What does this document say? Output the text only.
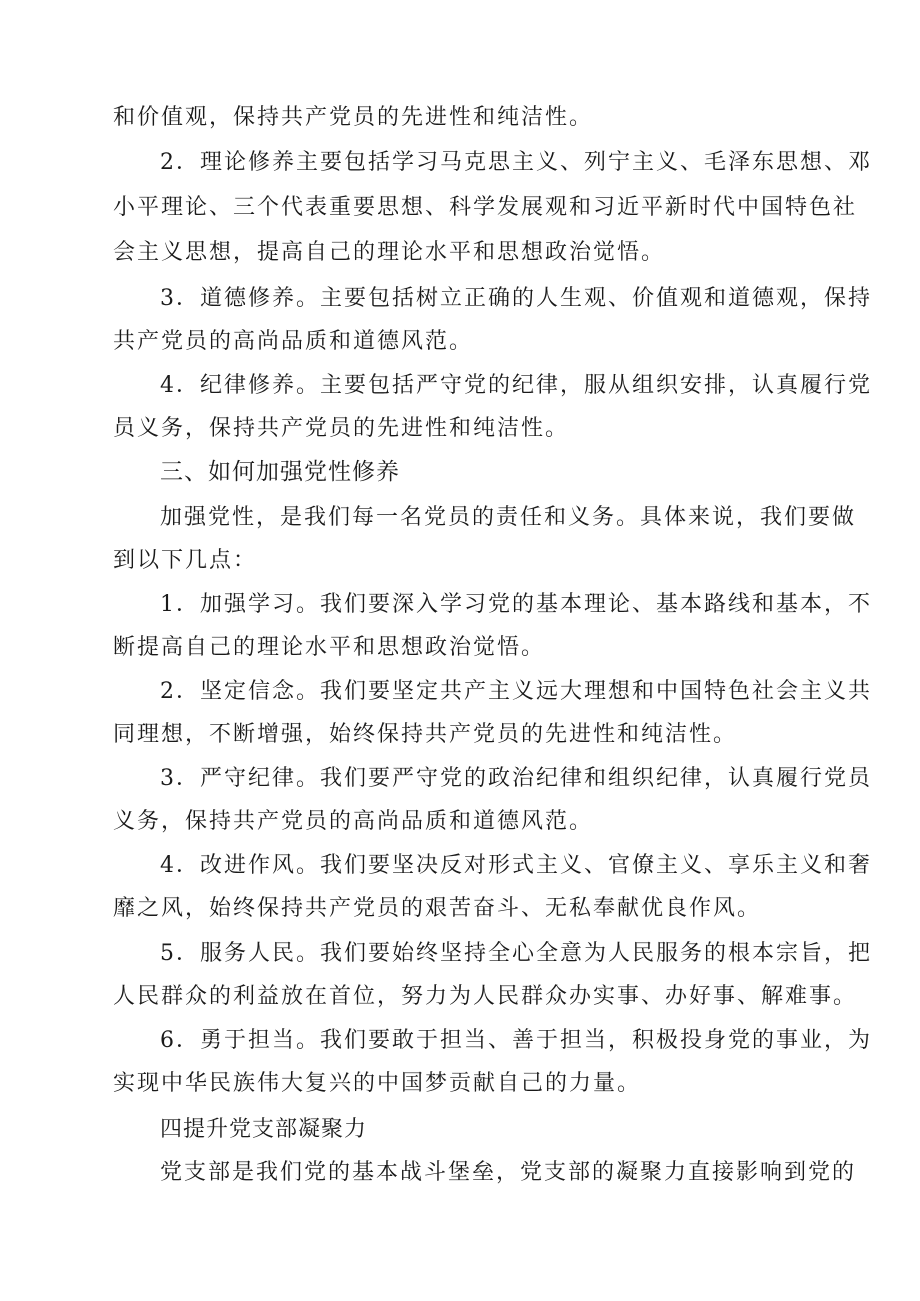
和价值观，保持共产党员的先进性和纯洁性。
2．理论修养主要包括学习马克思主义、列宁主义、毛泽东思想、邓
小平理论、三个代表重要思想、科学发展观和习近平新时代中国特色社
会主义思想，提高自己的理论水平和思想政治觉悟。
3．道德修养。主要包括树立正确的人生观、价值观和道德观，保持
共产党员的高尚品质和道德风范。
4．纪律修养。主要包括严守党的纪律，服从组织安排，认真履行党
员义务，保持共产党员的先进性和纯洁性。
三、如何加强党性修养
加强党性，是我们每一名党员的责任和义务。具体来说，我们要做
到以下几点：
1．加强学习。我们要深入学习党的基本理论、基本路线和基本，不
断提高自己的理论水平和思想政治觉悟。
2．坚定信念。我们要坚定共产主义远大理想和中国特色社会主义共
同理想，不断增强，始终保持共产党员的先进性和纯洁性。
3．严守纪律。我们要严守党的政治纪律和组织纪律，认真履行党员
义务，保持共产党员的高尚品质和道德风范。
4．改进作风。我们要坚决反对形式主义、官僚主义、享乐主义和奢
靡之风，始终保持共产党员的艰苦奋斗、无私奉献优良作风。
5．服务人民。我们要始终坚持全心全意为人民服务的根本宗旨，把
人民群众的利益放在首位，努力为人民群众办实事、办好事、解难事。
6．勇于担当。我们要敢于担当、善于担当，积极投身党的事业，为
实现中华民族伟大复兴的中国梦贡献自己的力量。
四提升党支部凝聚力
党支部是我们党的基本战斗堡垒，党支部的凝聚力直接影响到党的
